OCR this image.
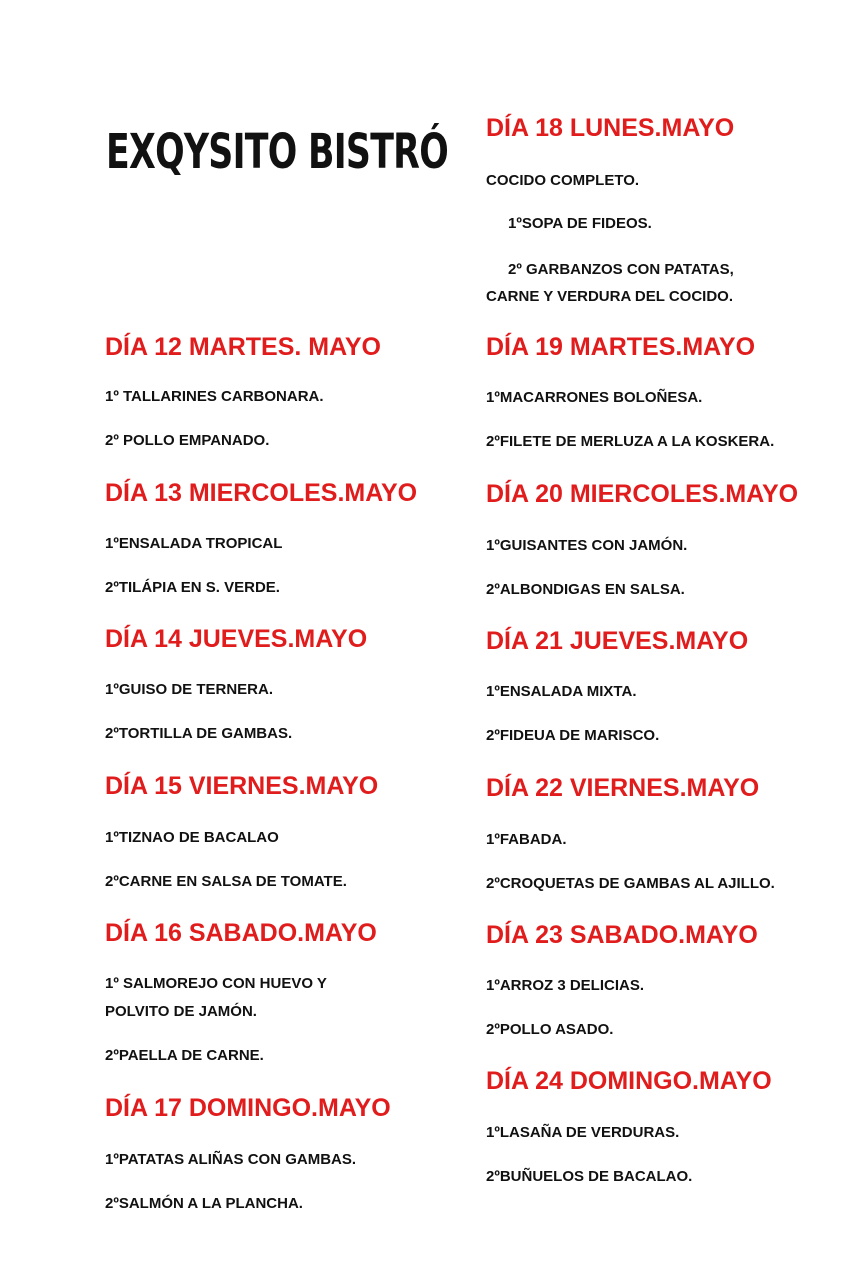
EXQYSITO BISTRÓ
DÍA 12 MARTES. MAYO
1º TALLARINES CARBONARA.
2º POLLO EMPANADO.
DÍA 13 MIERCOLES.MAYO
1ºENSALADA TROPICAL
2ºTILÁPIA EN S. VERDE.
DÍA 14 JUEVES.MAYO
1ºGUISO DE TERNERA.
2ºTORTILLA DE GAMBAS.
DÍA 15 VIERNES.MAYO
1ºTIZNAO DE BACALAO
2ºCARNE EN SALSA DE TOMATE.
DÍA 16 SABADO.MAYO
1º SALMOREJO CON HUEVO Y
POLVITO DE JAMÓN.
2ºPAELLA DE CARNE.
DÍA 17 DOMINGO.MAYO
1ºPATATAS ALIÑAS CON GAMBAS.
2ºSALMÓN A LA PLANCHA.
DÍA 18 LUNES.MAYO
COCIDO COMPLETO.
1ºSOPA DE FIDEOS.
2º GARBANZOS CON PATATAS,
CARNE Y VERDURA DEL COCIDO.
DÍA 19 MARTES.MAYO
1ºMACARRONES BOLOÑESA.
2ºFILETE DE MERLUZA A LA KOSKERA.
DÍA 20 MIERCOLES.MAYO
1ºGUISANTES CON JAMÓN.
2ºALBONDIGAS EN SALSA.
DÍA 21 JUEVES.MAYO
1ºENSALADA MIXTA.
2ºFIDEUA DE MARISCO.
DÍA 22 VIERNES.MAYO
1ºFABADA.
2ºCROQUETAS DE GAMBAS AL AJILLO.
DÍA 23 SABADO.MAYO
1ºARROZ 3 DELICIAS.
2ºPOLLO ASADO.
DÍA 24 DOMINGO.MAYO
1ºLASAÑA DE VERDURAS.
2ºBUÑUELOS DE BACALAO.
